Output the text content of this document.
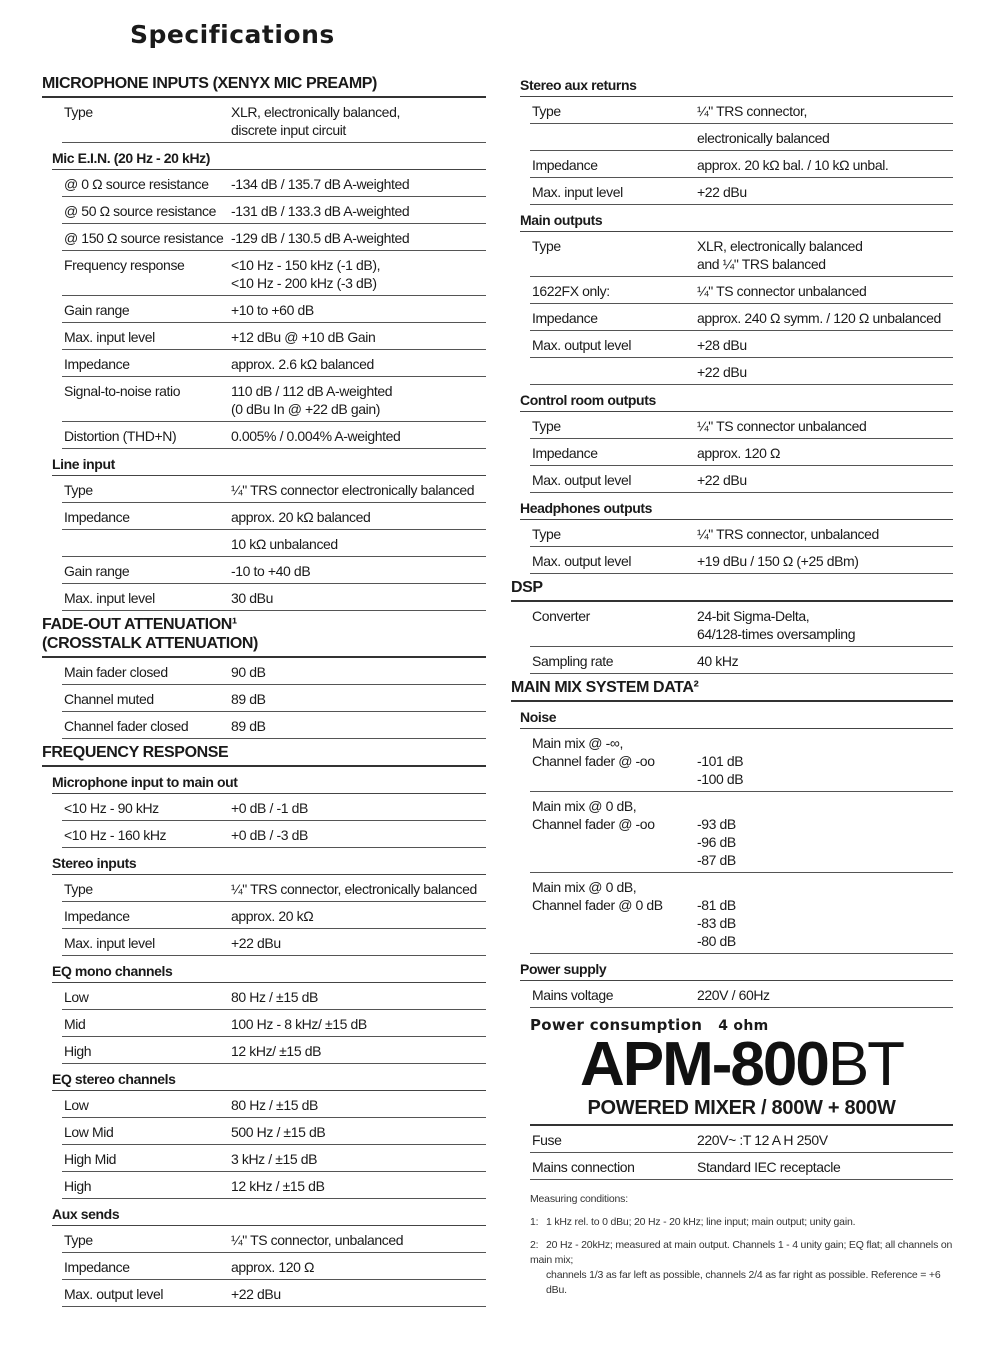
Specifications
MICROPHONE INPUTS (XENYX MIC PREAMP)
Type	XLR, electronically balanced,
discrete input circuit
Mic E.I.N. (20 Hz - 20 kHz)
@ 0 Ω source resistance	-134 dB / 135.7 dB A-weighted
@ 50 Ω source resistance	-131 dB / 133.3 dB A-weighted
@ 150 Ω source resistance -129 dB / 130.5 dB A-weighted
Frequency response	<10 Hz - 150 kHz (-1 dB),
<10 Hz - 200 kHz (-3 dB)
Gain range	+10 to +60 dB
Max. input level	+12 dBu @ +10 dB Gain
Impedance	approx. 2.6 kΩ balanced
Signal-to-noise ratio	110 dB / 112 dB A-weighted
(0 dBu In @ +22 dB gain)
Distortion (THD+N)	0.005% / 0.004% A-weighted
Line input
Type	¼" TRS connector electronically balanced
Impedance	approx. 20 kΩ balanced
10 kΩ unbalanced
Gain range	-10 to +40 dB
Max. input level	30 dBu
FADE-OUT ATTENUATION¹
(CROSSTALK ATTENUATION)
Main fader closed	90 dB
Channel muted	89 dB
Channel fader closed	89 dB
FREQUENCY RESPONSE
Microphone input to main out
<10 Hz - 90 kHz	+0 dB / -1 dB
<10 Hz - 160 kHz	+0 dB / -3 dB
Stereo inputs
Type	¼" TRS connector, electronically balanced
Impedance	approx. 20 kΩ
Max. input level	+22 dBu
EQ mono channels
Low	80 Hz / ±15 dB
Mid	100 Hz - 8 kHz/ ±15 dB
High	12 kHz/ ±15 dB
EQ stereo channels
Low	80 Hz / ±15 dB
Low Mid	500 Hz / ±15 dB
High Mid	3 kHz / ±15 dB
High	12 kHz / ±15 dB
Aux sends
Type	¼" TS connector, unbalanced
Impedance	approx. 120 Ω
Max. output level	+22 dBu
Stereo aux returns
Type	¼" TRS connector,
electronically balanced
Impedance	approx. 20 kΩ bal. / 10 kΩ unbal.
Max. input level	+22 dBu
Main outputs
Type	XLR, electronically balanced
and ¼" TRS balanced
1622FX only:	¼" TS connector unbalanced
Impedance	approx. 240 Ω symm. / 120 Ω unbalanced
Max. output level	+28 dBu
+22 dBu
Control room outputs
Type	¼" TS connector unbalanced
Impedance	approx. 120 Ω
Max. output level	+22 dBu
Headphones outputs
Type	¼" TRS connector, unbalanced
Max. output level	+19 dBu / 150 Ω (+25 dBm)
DSP
Converter	24-bit Sigma-Delta,
64/128-times oversampling
Sampling rate	40 kHz
MAIN MIX SYSTEM DATA²
Noise
Main mix @ -∞,
Channel fader @ -oo	-101 dB
-100 dB
Main mix @ 0 dB,
Channel fader @ -oo	-93 dB
-96 dB
-87 dB
Main mix @ 0 dB,
Channel fader @ 0 dB	-81 dB
-83 dB
-80 dB
Power supply
Mains voltage	220V / 60Hz
Power consumption 4 ohm
APM-800BT
POWERED MIXER / 800W + 800W
Fuse	220V~ :T 12 A H 250V
Mains connection	Standard IEC receptacle

Measuring conditions:

1: 1 kHz rel. to 0 dBu; 20 Hz - 20 kHz; line input; main output; unity gain.

2: 20 Hz - 20kHz; measured at main output. Channels 1 - 4 unity gain; EQ flat; all channels on main mix;
channels 1/3 as far left as possible, channels 2/4 as far right as possible. Reference = +6 dBu.
